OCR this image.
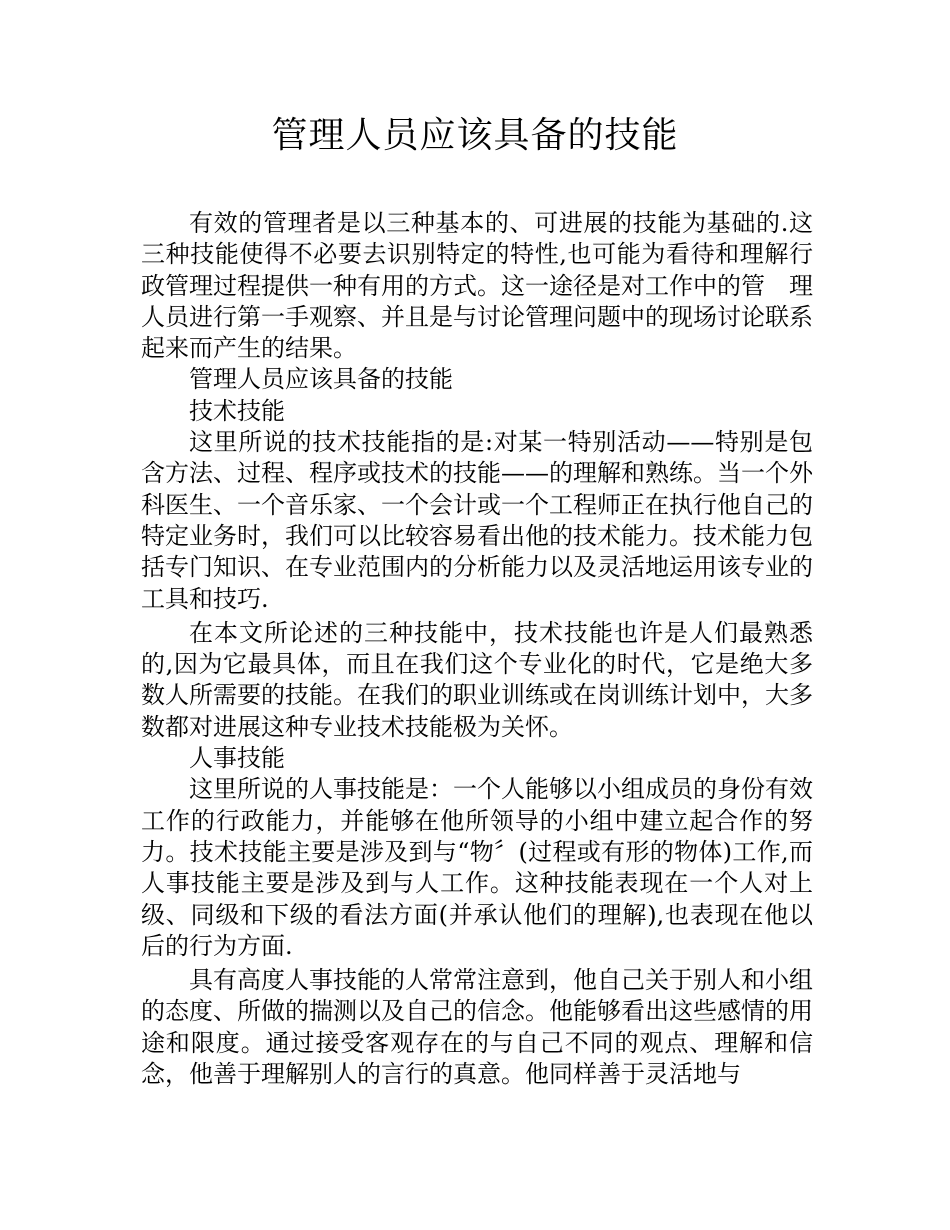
管理人员应该具备的技能

有效的管理者是以三种基本的、可进展的技能为基础的.这三种技能使得不必要去识别特定的特性,也可能为看待和理解行政管理过程提供一种有用的方式。这一途径是对工作中的管　理人员进行第一手观察、并且是与讨论管理问题中的现场讨论联系起来而产生的结果。

管理人员应该具备的技能

技术技能

这里所说的技术技能指的是:对某一特别活动——特别是包含方法、过程、程序或技术的技能——的理解和熟练。当一个外科医生、一个音乐家、一个会计或一个工程师正在执行他自己的特定业务时，我们可以比较容易看出他的技术能力。技术能力包括专门知识、在专业范围内的分析能力以及灵活地运用该专业的工具和技巧.

在本文所论述的三种技能中，技术技能也许是人们最熟悉的,因为它最具体，而且在我们这个专业化的时代，它是绝大多数人所需要的技能。在我们的职业训练或在岗训练计划中，大多数都对进展这种专业技术技能极为关怀。

人事技能

这里所说的人事技能是：一个人能够以小组成员的身份有效工作的行政能力，并能够在他所领导的小组中建立起合作的努力。技术技能主要是涉及到与“物〞(过程或有形的物体)工作,而人事技能主要是涉及到与人工作。这种技能表现在一个人对上级、同级和下级的看法方面(并承认他们的理解),也表现在他以后的行为方面.

具有高度人事技能的人常常注意到，他自己关于别人和小组的态度、所做的揣测以及自己的信念。他能够看出这些感情的用途和限度。通过接受客观存在的与自己不同的观点、理解和信念，他善于理解别人的言行的真意。他同样善于灵活地与
